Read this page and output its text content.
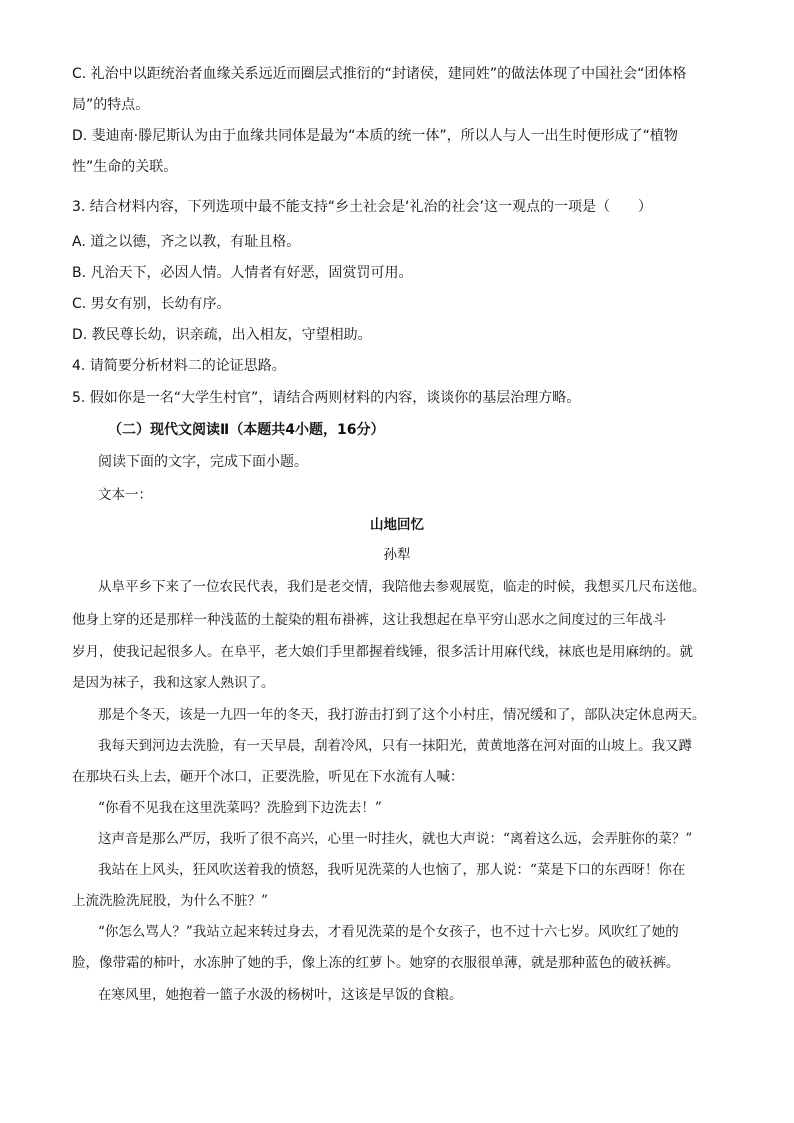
C. 礼治中以距统治者血缘关系远近而圈层式推衍的“封诸侯，建同姓”的做法体现了中国社会“团体格
局”的特点。
D. 斐迪南·滕尼斯认为由于血缘共同体是最为“本质的统一体”，所以人与人一出生时便形成了“植物
性”生命的关联。
3. 结合材料内容，下列选项中最不能支持“乡土社会是‘礼治的社会’这一观点的一项是（　　）
A. 道之以德，齐之以教，有耻且格。
B. 凡治天下，必因人情。人情者有好恶，固赏罚可用。
C. 男女有别，长幼有序。
D. 教民尊长幼，识亲疏，出入相友，守望相助。
4. 请简要分析材料二的论证思路。
5. 假如你是一名“大学生村官”，请结合两则材料的内容，谈谈你的基层治理方略。
（二）现代文阅读Ⅱ（本题共4小题，16分）
阅读下面的文字，完成下面小题。
文本一：
山地回忆
孙犁
从阜平乡下来了一位农民代表，我们是老交情，我陪他去参观展览，临走的时候，我想买几尺布送他。
他身上穿的还是那样一种浅蓝的土靛染的粗布褂裤，这让我想起在阜平穷山恶水之间度过的三年战斗
岁月，使我记起很多人。在阜平，老大娘们手里都握着线锤，很多活计用麻代线，袜底也是用麻纳的。就
是因为袜子，我和这家人熟识了。
那是个冬天，该是一九四一年的冬天，我打游击打到了这个小村庄，情况缓和了，部队决定休息两天。
我每天到河边去洗脸，有一天早晨，刮着冷风，只有一抹阳光，黄黄地落在河对面的山坡上。我又蹲
在那块石头上去，砸开个冰口，正要洗脸，听见在下水流有人喊：
“你看不见我在这里洗菜吗？洗脸到下边洗去！”
这声音是那么严厉，我听了很不高兴，心里一时挂火，就也大声说：“离着这么远，会弄脏你的菜？”
我站在上风头，狂风吹送着我的愤怒，我听见洗菜的人也恼了，那人说：“菜是下口的东西呀！你在
上流洗脸洗屁股，为什么不脏？”
“你怎么骂人？”我站立起来转过身去，才看见洗菜的是个女孩子，也不过十六七岁。风吹红了她的
脸，像带霜的柿叶，水冻肿了她的手，像上冻的红萝卜。她穿的衣服很单薄，就是那种蓝色的破袄裤。
在寒风里，她抱着一篮子水汲的杨树叶，这该是早饭的食粮。
